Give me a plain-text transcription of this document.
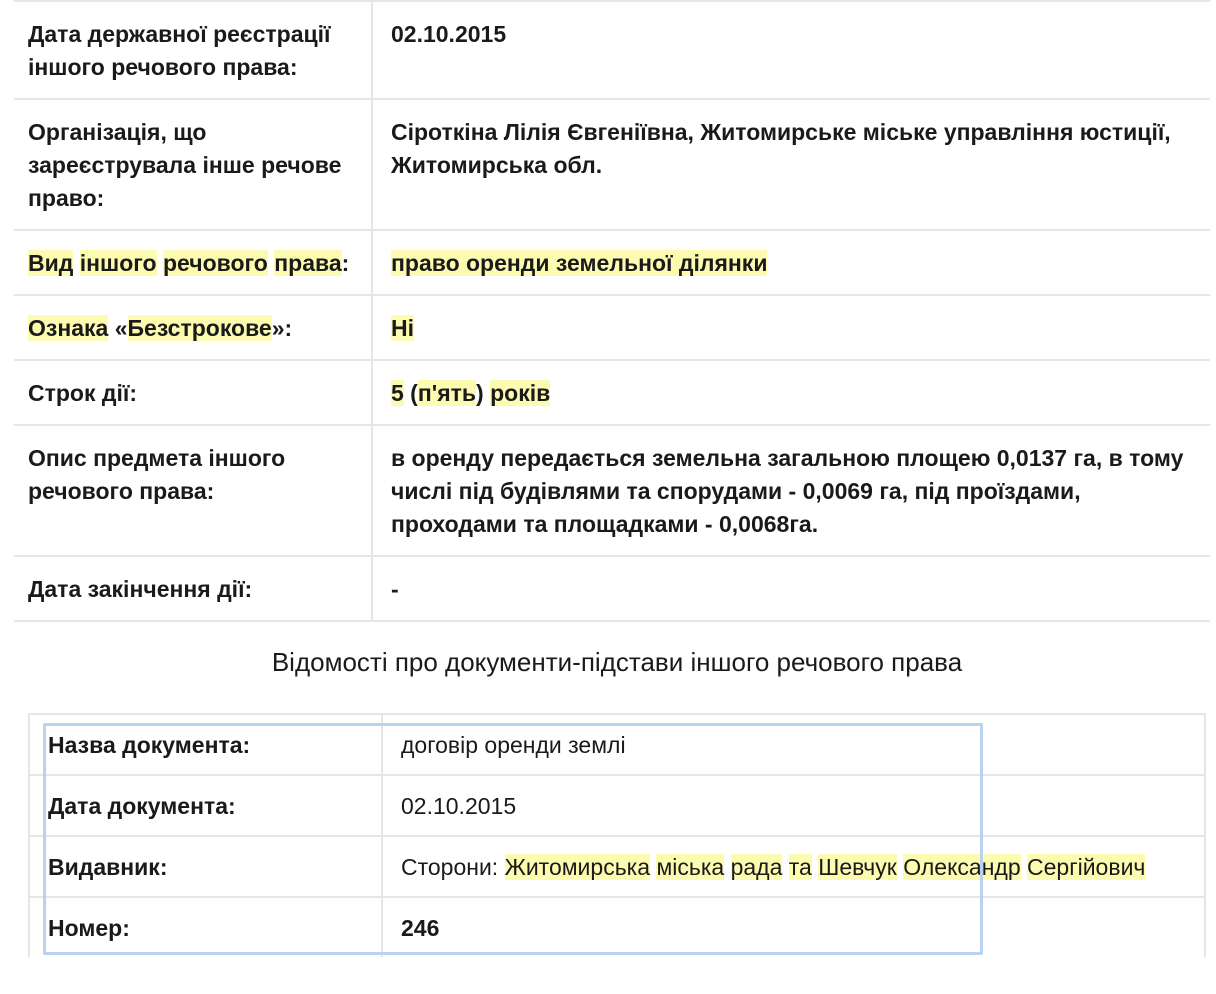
Дата державної реєстрації іншого речового права:	02.10.2015
Організація, що зареєструвала інше речове право:	Сіроткіна Лілія Євгеніївна, Житомирське міське управління юстиції, Житомирська обл.
Вид іншого речового права:	право оренди земельної ділянки
Ознака «Безстрокове»:	Ні
Строк дії:	5 (п'ять) років
Опис предмета іншого речового права:	в оренду передається земельна загальною площею 0,0137 га, в тому числі під будівлями та спорудами - 0,0069 га, під проїздами, проходами та площадками - 0,0068га.
Дата закінчення дії:	-
Відомості про документи-підстави іншого речового права
Назва документа:	договір оренди землі
Дата документа:	02.10.2015
Видавник:	Сторони: Житомирська міська рада та Шевчук Олександр Сергійович
Номер:	246
